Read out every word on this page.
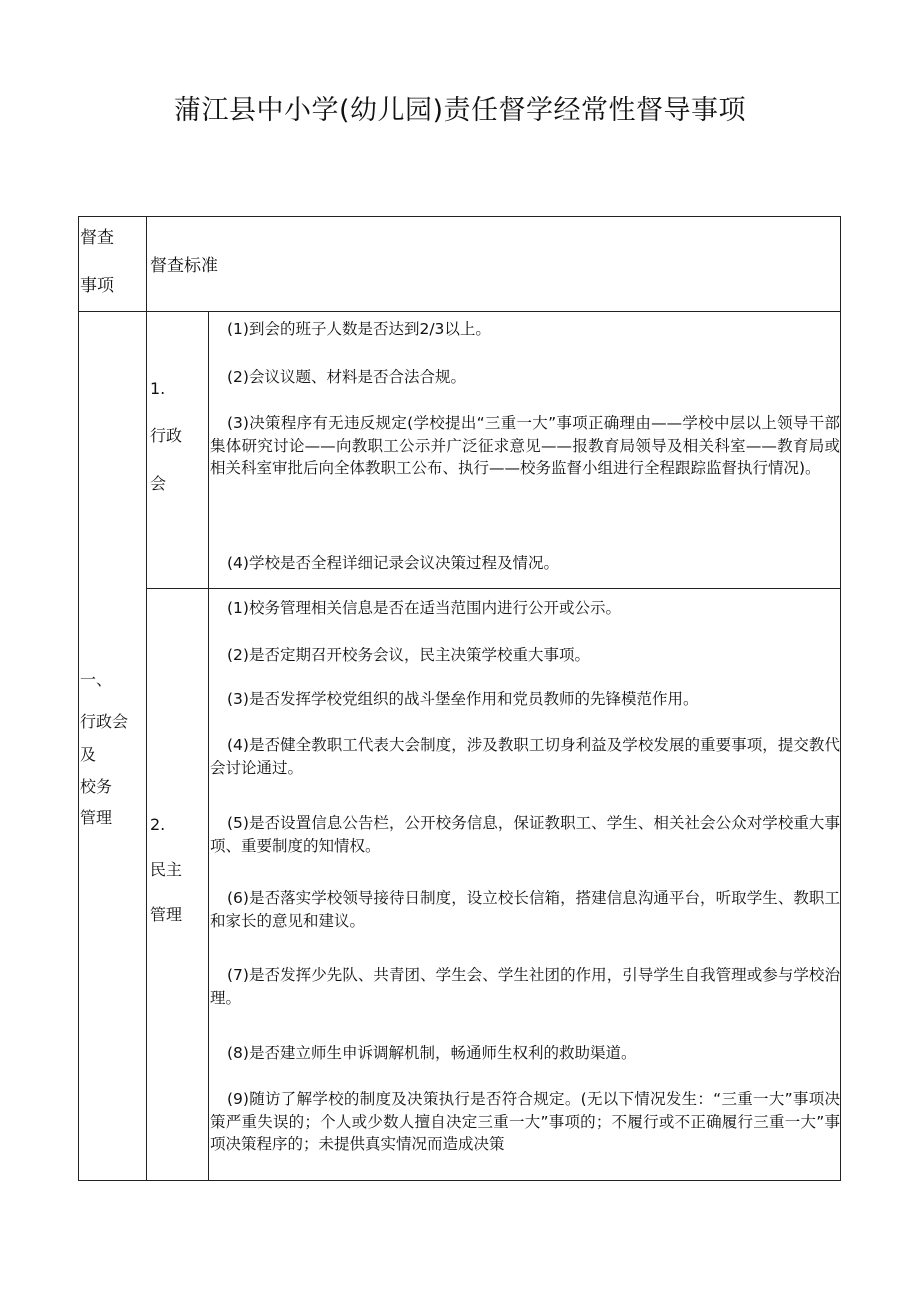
蒲江县中小学(幼儿园)责任督学经常性督导事项
督查
事项
督查标准
一、
行政会
及
校务
管理
1.
行政
会
2.
民主
管理

(1)到会的班子人数是否达到2/3以上。

(2)会议议题、材料是否合法合规。

(3)决策程序有无违反规定(学校提出“三重一大”事项正确理由——学校中层以上领导干部集体研究讨论——向教职工公示并广泛征求意见——报教育局领导及相关科室——教育局或相关科室审批后向全体教职工公布、执行——校务监督小组进行全程跟踪监督执行情况)。

(4)学校是否全程详细记录会议决策过程及情况。

(1)校务管理相关信息是否在适当范围内进行公开或公示。

(2)是否定期召开校务会议，民主决策学校重大事项。

(3)是否发挥学校党组织的战斗堡垒作用和党员教师的先锋模范作用。

(4)是否健全教职工代表大会制度，涉及教职工切身利益及学校发展的重要事项，提交教代会讨论通过。

(5)是否设置信息公告栏，公开校务信息，保证教职工、学生、相关社会公众对学校重大事项、重要制度的知情权。

(6)是否落实学校领导接待日制度，设立校长信箱，搭建信息沟通平台，听取学生、教职工和家长的意见和建议。

(7)是否发挥少先队、共青团、学生会、学生社团的作用，引导学生自我管理或参与学校治理。

(8)是否建立师生申诉调解机制，畅通师生权利的救助渠道。

(9)随访了解学校的制度及决策执行是否符合规定。(无以下情况发生：“三重一大”事项决策严重失误的；个人或少数人擅自决定三重一大”事项的；不履行或不正确履行三重一大”事项决策程序的；未提供真实情况而造成决策
